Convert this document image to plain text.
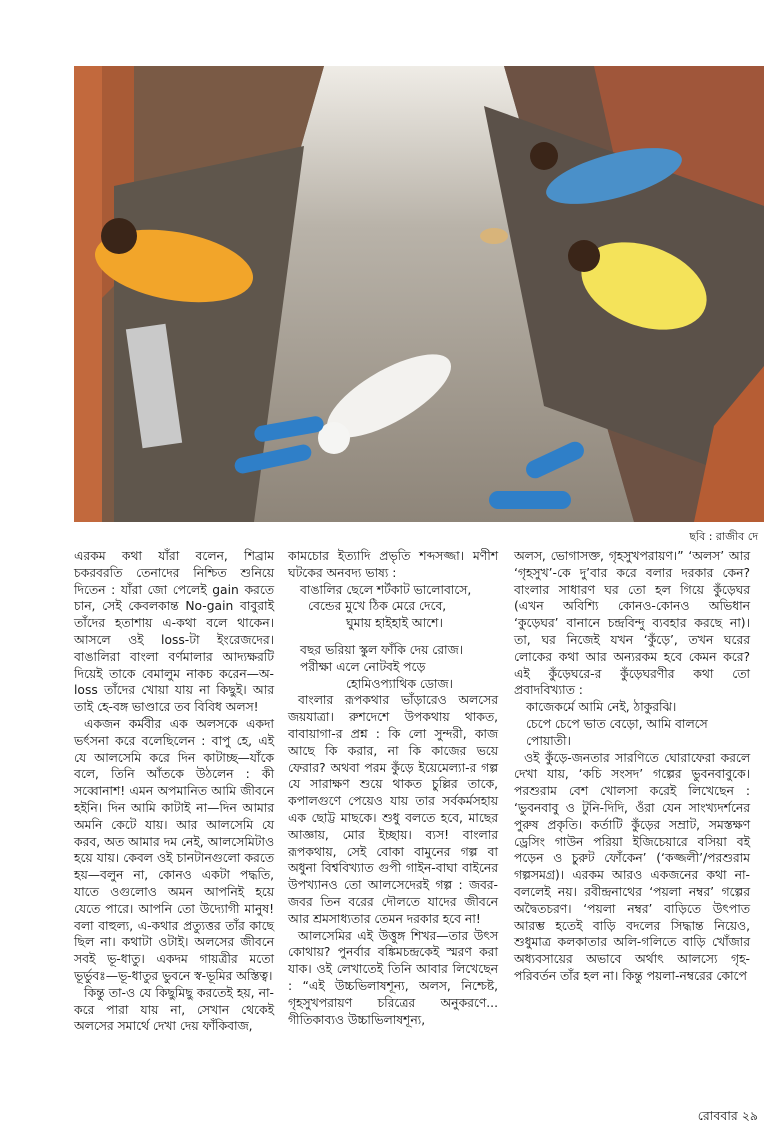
ছবি : রাজীব দে

এরকম কথা যাঁরা বলেন, শিব্রাম চকরবরতি তেনাদের নিশ্চিত শুনিয়ে দিতেন : যাঁরা জো পেলেই gain করতে চান, সেই কেবলকান্ত No-gain বাবুরাই তাঁদের হতাশায় এ-কথা বলে থাকেন। আসলে ওই loss-টা ইংরেজদের। বাঙালিরা বাংলা বর্ণমালার আদ্যক্ষরটি দিয়েই তাকে বেমালুম নাকচ করেন—অ-loss তাঁদের খোয়া যায় না কিছুই। আর তাই হে-বঙ্গ ভাণ্ডারে তব বিবিধ অলস!

একজন কর্মবীর এক অলসকে একদা ভর্ৎসনা করে বলেছিলেন : বাপু হে, এই যে আলসেমি করে দিন কাটাচ্ছ—যাঁকে বলে, তিনি আঁতকে উঠলেন : কী সব্বোনাশ! এমন অপমানিত আমি জীবনে হইনি। দিন আমি কাটাই না—দিন আমার অমনি কেটে যায়। আর আলসেমি যে করব, অত আমার দম নেই, আলসেমিটাও হয়ে যায়। কেবল ওই চানটানগুলো করতে হয়—বলুন না, কোনও একটা পদ্ধতি, যাতে ওগুলোও অমন আপনিই হয়ে যেতে পারে। আপনি তো উদ্যোগী মানুষ! বলা বাহুল্য, এ-কথার প্রত্যুত্তর তাঁর কাছে ছিল না। কথাটা ওটাই। অলসের জীবনে সবই ভূ-ধাতু। একদম গায়ত্রীর মতো ভূর্ভুবঃ—ভূ-ধাতুর ভুবনে স্ব-ভূমির অস্তিত্ব।

কিন্তু তা-ও যে কিছুমিছু করতেই হয়, না-করে পারা যায় না, সেখান থেকেই অলসের সমার্থে দেখা দেয় ফাঁকিবাজ,

কামচোর ইত্যাদি প্রভৃতি শব্দসজ্জা। মণীশ ঘটকের অনবদ্য ভাষ্য :

বাঙালির ছেলে শর্টকাট ভালোবাসে,
বেন্ডের মুখে ঠিক মেরে দেবে,
ঘুমায় হাইহাই আশে।
বছর ভরিয়া স্কুল ফাঁকি দেয় রোজ।
পরীক্ষা এলে নোটবই পড়ে
হোমিওপ্যাথিক ডোজ।

বাংলার রূপকথার ভাঁড়ারেও অলসের জয়যাত্রা। রুশদেশে উপকথায় থাকত, বাবায়াগা-র প্রশ্ন : কি লো সুন্দরী, কাজ আছে কি করার, না কি কাজের ভয়ে ফেরার? অথবা পরম কুঁড়ে ইয়েমেল্যা-র গল্প যে সারাক্ষণ শুয়ে থাকত চুল্লির তাকে, কপালগুণে পেয়েও যায় তার সর্বকর্মসহায় এক ছোট্ট মাছকে। শুধু বলতে হবে, মাছের আজ্ঞায়, মোর ইচ্ছায়। ব্যস! বাংলার রূপকথায়, সেই বোকা বামুনের গল্প বা অধুনা বিশ্ববিখ্যাত গুপী গাইন-বাঘা বাইনের উপখ্যানও তো আলসেদেরই গল্প : জবর-জবর তিন বরের দৌলতে যাদের জীবনে আর শ্রমসাধ্যতার তেমন দরকার হবে না!

আলসেমির এই উত্তুঙ্গ শিখর—তার উৎস কোথায়? পুনর্বার বঙ্কিমচন্দ্রকেই স্মরণ করা যাক। ওই লেখাতেই তিনি আবার লিখেছেন : “এই উচ্চভিলাষশূন্য, অলস, নিশ্চেষ্ট, গৃহসুখপরায়ণ চরিত্রের অনুকরণে... গীতিকাব্যও উচ্চাভিলাষশূন্য,

অলস, ভোগাসক্ত, গৃহসুখপরায়ণ।” ‘অলস’ আর ‘গৃহসুখ’-কে দু’বার করে বলার দরকার কেন? বাংলার সাধারণ ঘর তো হল গিয়ে কুঁড়েঘর (এখন অবিশ্যি কোনও-কোনও অভিধান ‘কুড়েঘর’ বানানে চন্দ্রবিন্দু ব্যবহার করছে না)। তা, ঘর নিজেই যখন ‘কুঁড়ে’, তখন ঘরের লোকের কথা আর অন্যরকম হবে কেমন করে? এই কুঁড়েঘরে-র কুঁড়েঘরণীর কথা তো প্রবাদবিখ্যাত :

কাজেকর্মে আমি নেই, ঠাকুরঝি।
চেপে চেপে ভাত বেড়ো, আমি বালসে পোয়াতী।

ওই কুঁড়ে-জনতার সারণিতে ঘোরাফেরা করলে দেখা যায়, ‘কচি সংসদ’ গল্পের ভুবনবাবুকে। পরশুরাম বেশ খোলসা করেই লিখেছেন : ‘ভুবনবাবু ও টুনি-দিদি, ওঁরা যেন সাংখ্যদর্শনের পুরুষ প্রকৃতি। কর্তাটি কুঁড়ের সম্রাট, সমস্তক্ষণ ড্রেসিং গাউন পরিয়া ইজিচেয়ারে বসিয়া বই পড়েন ও চুরুট ফোঁকেন’ (‘কজ্জলী’/পরশুরাম গল্পসমগ্র)। এরকম আরও একজনের কথা না-বললেই নয়। রবীন্দ্রনাথের ‘পয়লা নম্বর’ গল্পের অদ্বৈতচরণ। ‘পয়লা নম্বর’ বাড়িতে উৎপাত আরম্ভ হতেই বাড়ি বদলের সিদ্ধান্ত নিয়েও, শুধুমাত্র কলকাতার অলি-গলিতে বাড়ি খোঁজার অধ্যবসায়ের অভাবে অর্থাৎ আলস্যে গৃহ-পরিবর্তন তাঁর হল না। কিন্তু পয়লা-নম্বরের কোপে

রোববার ২৯
